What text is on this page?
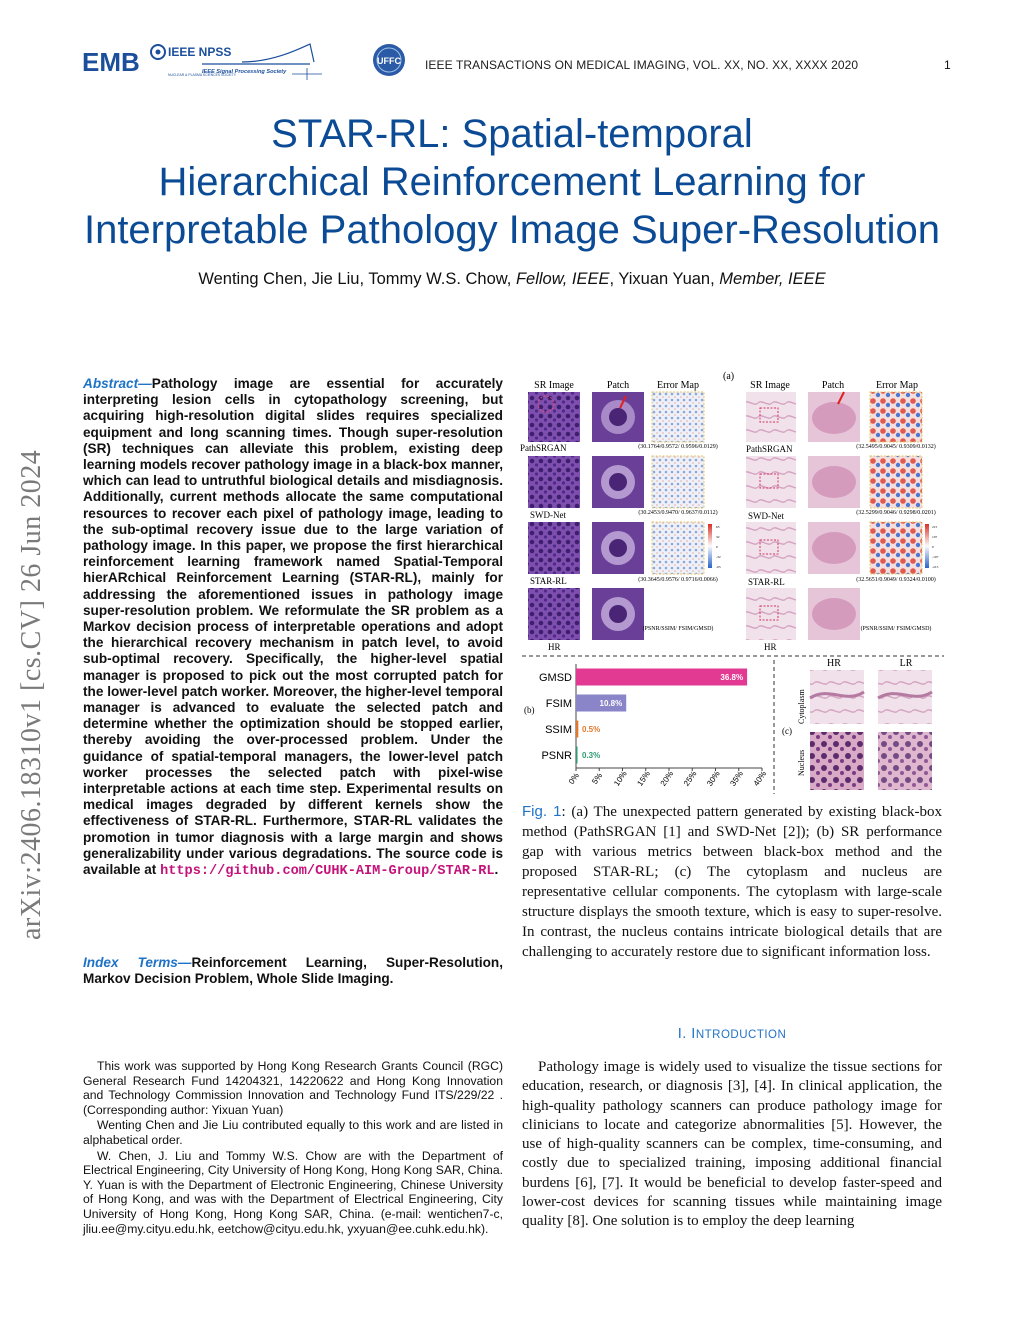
EMB IEEE NPSS
NUCLEAR & PLASMA SCIENCES SOCIETY
IEEE Signal Processing Society
UFFC IEEE TRANSACTIONS ON MEDICAL IMAGING, VOL. XX, NO. XX, XXXX 2020	1
STAR-RL: Spatial-temporal
Hierarchical Reinforcement Learning for
Interpretable Pathology Image Super-Resolution
Wenting Chen, Jie Liu, Tommy W.S. Chow, Fellow, IEEE, Yixuan Yuan, Member, IEEE
arXiv:2406.18310v1 [cs.CV] 26 Jun 2024
Abstract—Pathology image are essential for accurately interpreting lesion cells in cytopathology screening, but acquiring high-resolution digital slides requires specialized equipment and long scanning times. Though super-resolution (SR) techniques can alleviate this problem, existing deep learning models recover pathology image in a black-box manner, which can lead to untruthful biological details and misdiagnosis. Additionally, current methods allocate the same computational resources to recover each pixel of pathology image, leading to the sub-optimal recovery issue due to the large variation of pathology image. In this paper, we propose the first hierarchical reinforcement learning framework named Spatial-Temporal hierARchical Reinforcement Learning (STAR-RL), mainly for addressing the aforementioned issues in pathology image super-resolution problem. We reformulate the SR problem as a Markov decision process of interpretable operations and adopt the hierarchical recovery mechanism in patch level, to avoid sub-optimal recovery. Specifically, the higher-level spatial manager is proposed to pick out the most corrupted patch for the lower-level patch worker. Moreover, the higher-level temporal manager is advanced to evaluate the selected patch and determine whether the optimization should be stopped earlier, thereby avoiding the over-processed problem. Under the guidance of spatial-temporal managers, the lower-level patch worker processes the selected patch with pixel-wise interpretable actions at each time step. Experimental results on medical images degraded by different kernels show the effectiveness of STAR-RL. Furthermore, STAR-RL validates the promotion in tumor diagnosis with a large margin and shows generalizability under various degradations. The source code is available at https://github.com/CUHK-AIM-Group/STAR-RL.
Index Terms—Reinforcement Learning, Super-Resolution, Markov Decision Problem, Whole Slide Imaging.

This work was supported by Hong Kong Research Grants Council (RGC) General Research Fund 14204321, 14220622 and Hong Kong Innovation and Technology Commission Innovation and Technology Fund ITS/229/22 .(Corresponding author: Yixuan Yuan)

Wenting Chen and Jie Liu contributed equally to this work and are listed in alphabetical order.

W. Chen, J. Liu and Tommy W.S. Chow are with the Department of Electrical Engineering, City University of Hong Kong, Hong Kong SAR, China. Y. Yuan is with the Department of Electronic Engineering, Chinese University of Hong Kong, and was with the Department of Electrical Engineering, City University of Hong Kong, Hong Kong SAR, China. (e-mail: wentichen7-c, jliu.ee@my.cityu.edu.hk, eetchow@cityu.edu.hk, yxyuan@ee.cuhk.edu.hk).

(a)
SR Image	Patch	Error Map	SR Image	Patch	Error Map
(30.1764/0.9572/ 0.9596/0.0129)
PathSRGAN
(30.2453/0.9470/ 0.9637/0.0112)
SWD-Net
(30.3645/0.9576/ 0.9716/0.0066)
STAR-RL
(PSNR/SSIM/ FSIM/GMSD)
HR
65
32
0
-32
-65
(32.5495/0.9045/ 0.9309/0.0132)
PathSRGAN
(32.5299/0.9046/ 0.9298/0.0201)
SWD-Net
(32.5651/0.9049/ 0.9324/0.0100)
STAR-RL
(PSNR/SSIM/ FSIM/GMSD)
HR
215
107
0
-107
-215
(b)
GMSD	36.8%
FSIM	10.8%
SSIM 0.5%
PSNR 0.3%
0% 5% 10% 15% 20% 25% 30% 35% 40%
HR	LR
(c)
Cytoplasm
Nucleus
Fig. 1: (a) The unexpected pattern generated by existing black-box method (PathSRGAN [1] and SWD-Net [2]); (b) SR performance gap with various metrics between black-box method and the proposed STAR-RL; (c) The cytoplasm and nucleus are representative cellular components. The cytoplasm with large-scale structure displays the smooth texture, which is easy to super-resolve. In contrast, the nucleus contains intricate biological details that are challenging to accurately restore due to significant information loss.
I. INTRODUCTION
Pathology image is widely used to visualize the tissue sections for education, research, or diagnosis [3], [4]. In clinical application, the high-quality pathology scanners can produce pathology image for clinicians to locate and categorize abnormalities [5]. However, the use of high-quality scanners can be complex, time-consuming, and costly due to specialized training, imposing additional financial burdens [6], [7]. It would be beneficial to develop faster-speed and lower-cost devices for scanning tissues while maintaining image quality [8]. One solution is to employ the deep learning
